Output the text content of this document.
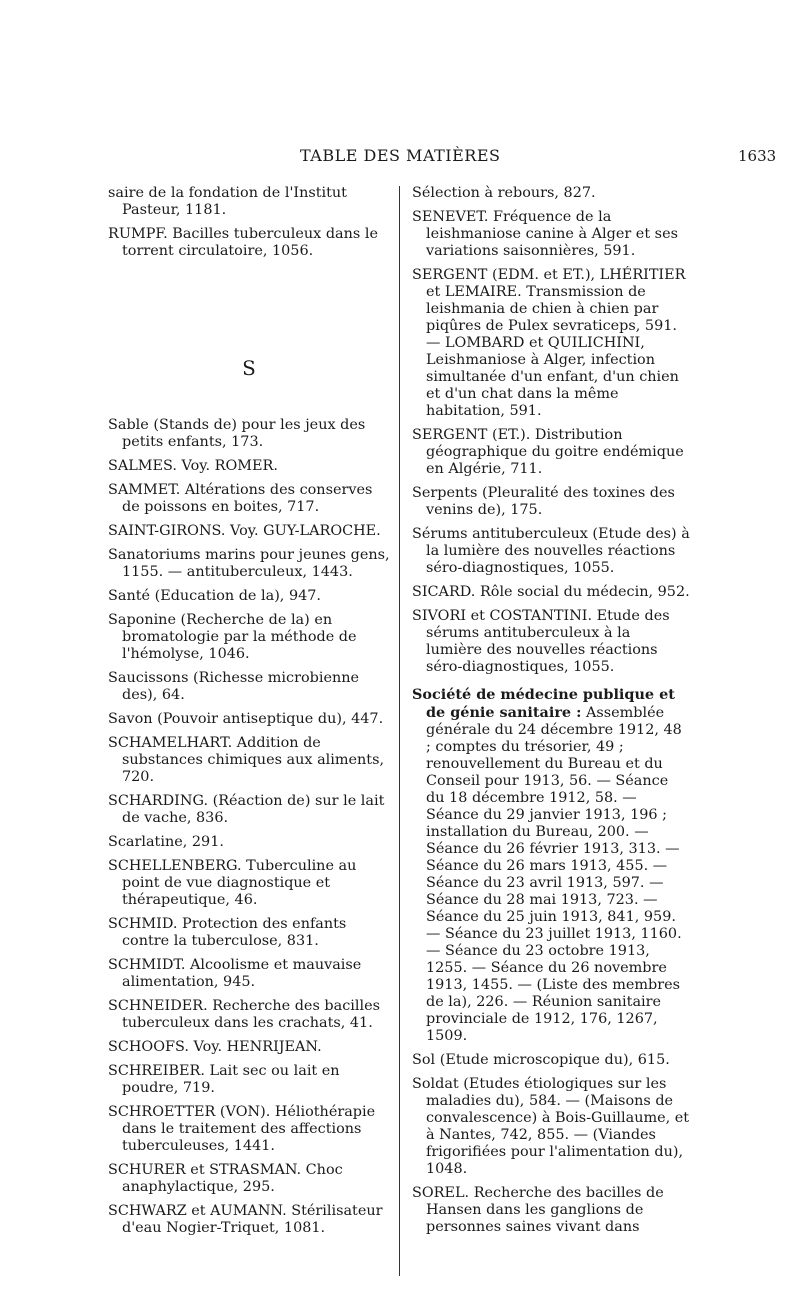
TABLE DES MATIÈRES	1633
saire de la fondation de l'Institut
Pasteur, 1181.
RUMPF. Bacilles tuberculeux dans le torrent circulatoire, 1056.
S
Sable (Stands de) pour les jeux des petits enfants, 173.
SALMES. Voy. ROMER.
SAMMET. Altérations des conserves de poissons en boites, 717.
SAINT-GIRONS. Voy. GUY-LAROCHE.
Sanatoriums marins pour jeunes gens, 1155. — antituberculeux, 1443.
Santé (Education de la), 947.
Saponine (Recherche de la) en bromatologie par la méthode de l'hémolyse, 1046.
Saucissons (Richesse microbienne des), 64.
Savon (Pouvoir antiseptique du), 447.
SCHAMELHART. Addition de substances chimiques aux aliments, 720.
SCHARDING. (Réaction de) sur le lait de vache, 836.
Scarlatine, 291.
SCHELLENBERG. Tuberculine au point de vue diagnostique et thérapeutique, 46.
SCHMID. Protection des enfants contre la tuberculose, 831.
SCHMIDT. Alcoolisme et mauvaise alimentation, 945.
SCHNEIDER. Recherche des bacilles tuberculeux dans les crachats, 41.
SCHOOFS. Voy. HENRIJEAN.
SCHREIBER. Lait sec ou lait en poudre, 719.
SCHROETTER (VON). Héliothérapie dans le traitement des affections tuberculeuses, 1441.
SCHURER et STRASMAN. Choc anaphylactique, 295.
SCHWARZ et AUMANN. Stérilisateur d'eau Nogier-Triquet, 1081.
Sélection à rebours, 827.
SENEVET. Fréquence de la leishmaniose canine à Alger et ses variations saisonnières, 591.
SERGENT (EDM. et ET.), LHÉRITIER et LEMAIRE. Transmission de leishmania de chien à chien par piqûres de Pulex sevraticeps, 591. — LOMBARD et QUILICHINI, Leishmaniose à Alger, infection simultanée d'un enfant, d'un chien et d'un chat dans la même habitation, 591.
SERGENT (ET.). Distribution géographique du goitre endémique en Algérie, 711.
Serpents (Pleuralité des toxines des venins de), 175.
Sérums antituberculeux (Etude des) à la lumière des nouvelles réactions séro-diagnostiques, 1055.
SICARD. Rôle social du médecin, 952.
SIVORI et COSTANTINI. Etude des sérums antituberculeux à la lumière des nouvelles réactions séro-diagnostiques, 1055.
Société de médecine publique et de génie sanitaire : Assemblée générale du 24 décembre 1912, 48 ; comptes du trésorier, 49 ; renouvellement du Bureau et du Conseil pour 1913, 56. — Séance du 18 décembre 1912, 58. — Séance du 29 janvier 1913, 196 ; installation du Bureau, 200. — Séance du 26 février 1913, 313. — Séance du 26 mars 1913, 455. — Séance du 23 avril 1913, 597. — Séance du 28 mai 1913, 723. — Séance du 25 juin 1913, 841, 959. — Séance du 23 juillet 1913, 1160. — Séance du 23 octobre 1913, 1255. — Séance du 26 novembre 1913, 1455. — (Liste des membres de la), 226. — Réunion sanitaire provinciale de 1912, 176, 1267, 1509.
Sol (Etude microscopique du), 615.
Soldat (Etudes étiologiques sur les maladies du), 584. — (Maisons de convalescence) à Bois-Guillaume, et à Nantes, 742, 855. — (Viandes frigorifiées pour l'alimentation du), 1048.
SOREL. Recherche des bacilles de Hansen dans les ganglions de personnes saines vivant dans
